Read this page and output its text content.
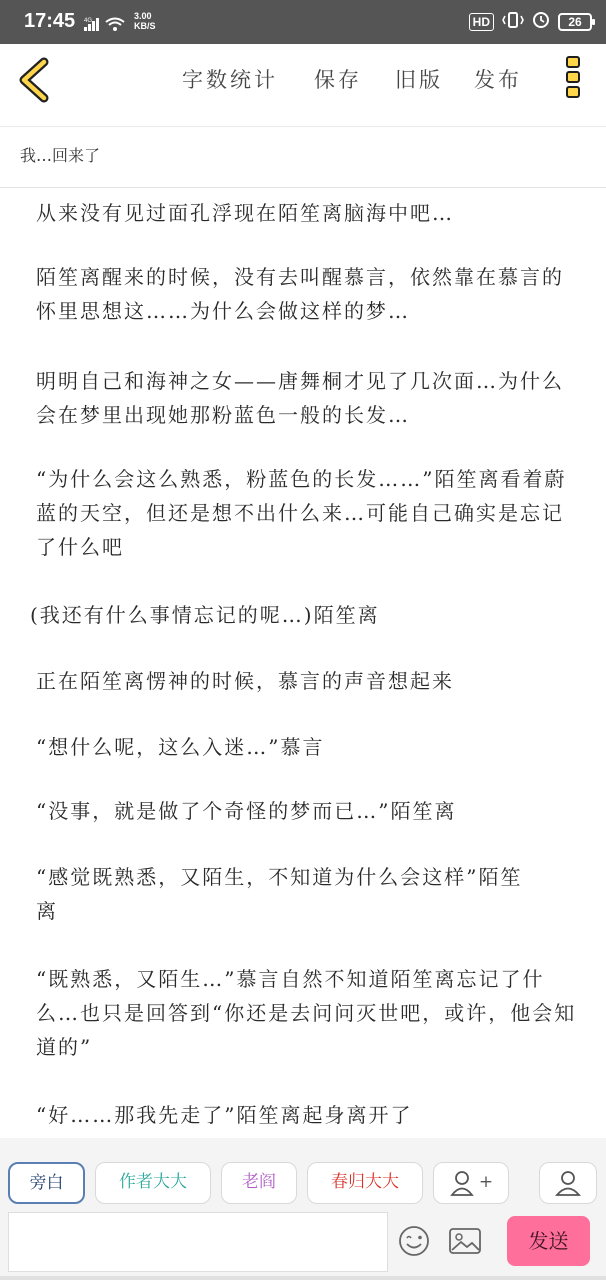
17:45 4G	3.00
KB/S	HD	26
字数统计 保存 旧版 发布
我…回来了
从来没有见过面孔浮现在陌笙离脑海中吧…
陌笙离醒来的时候，没有去叫醒慕言，依然靠在慕言的怀里思想这……为什么会做这样的梦…
明明自己和海神之女——唐舞桐才见了几次面…为什么会在梦里出现她那粉蓝色一般的长发…
“为什么会这么熟悉，粉蓝色的长发……”陌笙离看着蔚蓝的天空，但还是想不出什么来…可能自己确实是忘记了什么吧
(我还有什么事情忘记的呢…)陌笙离
正在陌笙离愣神的时候，慕言的声音想起来
“想什么呢，这么入迷…”慕言
“没事，就是做了个奇怪的梦而已…”陌笙离
“感觉既熟悉，又陌生，不知道为什么会这样”陌笙离
“既熟悉，又陌生…”慕言自然不知道陌笙离忘记了什么…也只是回答到“你还是去问问灭世吧，或许，他会知道的”
“好……那我先走了”陌笙离起身离开了
旁白	作者大大	老阎	春归大大	+
发送
